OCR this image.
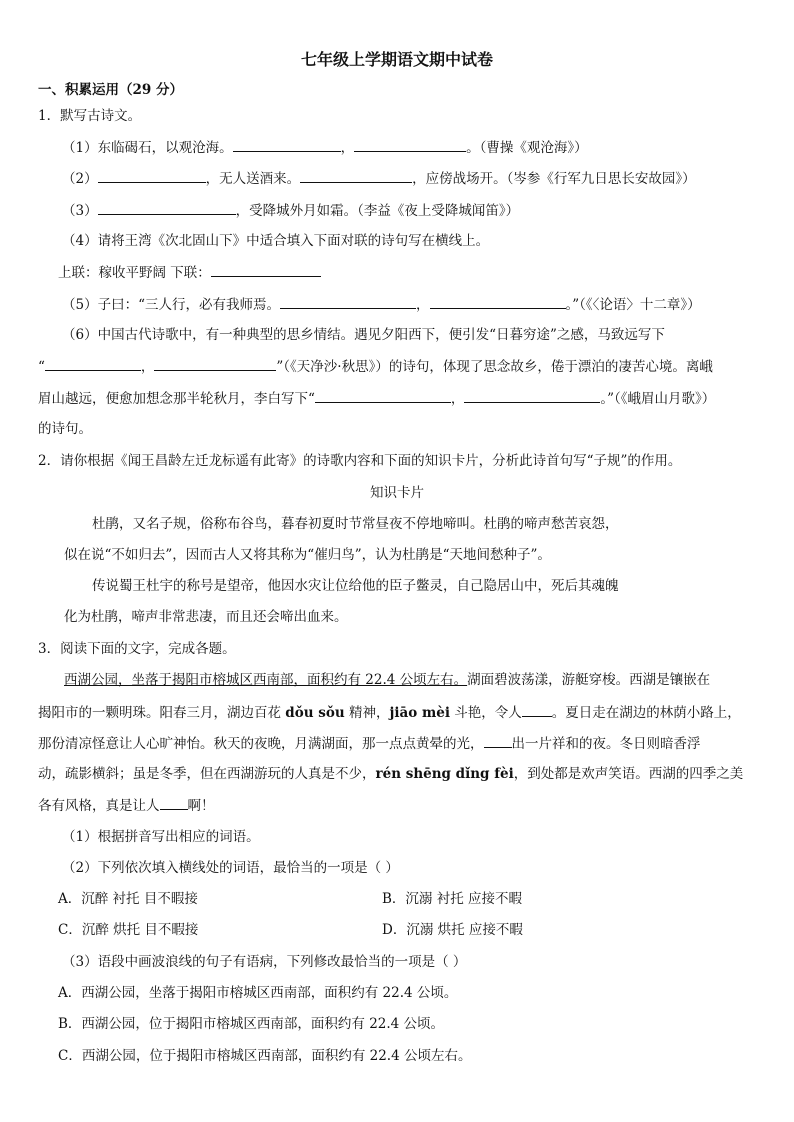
七年级上学期语文期中试卷
一、积累运用（29 分）
1．默写古诗文。
（1）东临碣石，以观沧海。	，	。（曹操《观沧海》）
（2）	，无人送酒来。	，应傍战场开。（岑参《行军九日思长安故园》）
（3）	，受降城外月如霜。（李益《夜上受降城闻笛》）
（4）请将王湾《次北固山下》中适合填入下面对联的诗句写在横线上。
上联：稼收平野阔 下联：
（5）子曰：“三人行，必有我师焉。	，	。”（《〈论语〉十二章》）
（6）中国古代诗歌中，有一种典型的思乡情结。遇见夕阳西下，便引发“日暮穷途”之感，马致远写下
“	，	”（《天净沙·秋思》）的诗句，体现了思念故乡，倦于漂泊的凄苦心境。离峨
眉山越远，便愈加想念那半轮秋月，李白写下“	，	。”（《峨眉山月歌》）
的诗句。
2．请你根据《闻王昌龄左迁龙标遥有此寄》的诗歌内容和下面的知识卡片，分析此诗首句写“子规”的作用。
知识卡片
杜鹃，又名子规，俗称布谷鸟，暮春初夏时节常昼夜不停地啼叫。杜鹃的啼声愁苦哀怨，
似在说“不如归去”，因而古人又将其称为“催归鸟”，认为杜鹃是“天地间愁种子”。
传说蜀王杜宇的称号是望帝，他因水灾让位给他的臣子鳖灵，自己隐居山中，死后其魂魄
化为杜鹃，啼声非常悲凄，而且还会啼出血来。
3．阅读下面的文字，完成各题。
西湖公园，坐落于揭阳市榕城区西南部，面积约有 22.4 公顷左右。湖面碧波荡漾，游艇穿梭。西湖是镶嵌在
揭阳市的一颗明珠。阳春三月，湖边百花 dǒu sǒu 精神，jiāo mèi 斗艳，令人 。夏日走在湖边的林荫小路上，
那份清凉怪意让人心旷神怡。秋天的夜晚，月满湖面，那一点点黄晕的光， 出一片祥和的夜。冬日则暗香浮
动，疏影横斜；虽是冬季，但在西湖游玩的人真是不少，rén shēng dǐng fèi，到处都是欢声笑语。西湖的四季之美
各有风格，真是让人 啊！
（1）根据拼音写出相应的词语。
（2）下列依次填入横线处的词语，最恰当的一项是（ ）
A．沉醉 衬托 目不暇接	B．沉溺 衬托 应接不暇
C．沉醉 烘托 目不暇接	D．沉溺 烘托 应接不暇
（3）语段中画波浪线的句子有语病，下列修改最恰当的一项是（ ）
A．西湖公园，坐落于揭阳市榕城区西南部，面积约有 22.4 公顷。
B．西湖公园，位于揭阳市榕城区西南部，面积约有 22.4 公顷。
C．西湖公园，位于揭阳市榕城区西南部，面积约有 22.4 公顷左右。
